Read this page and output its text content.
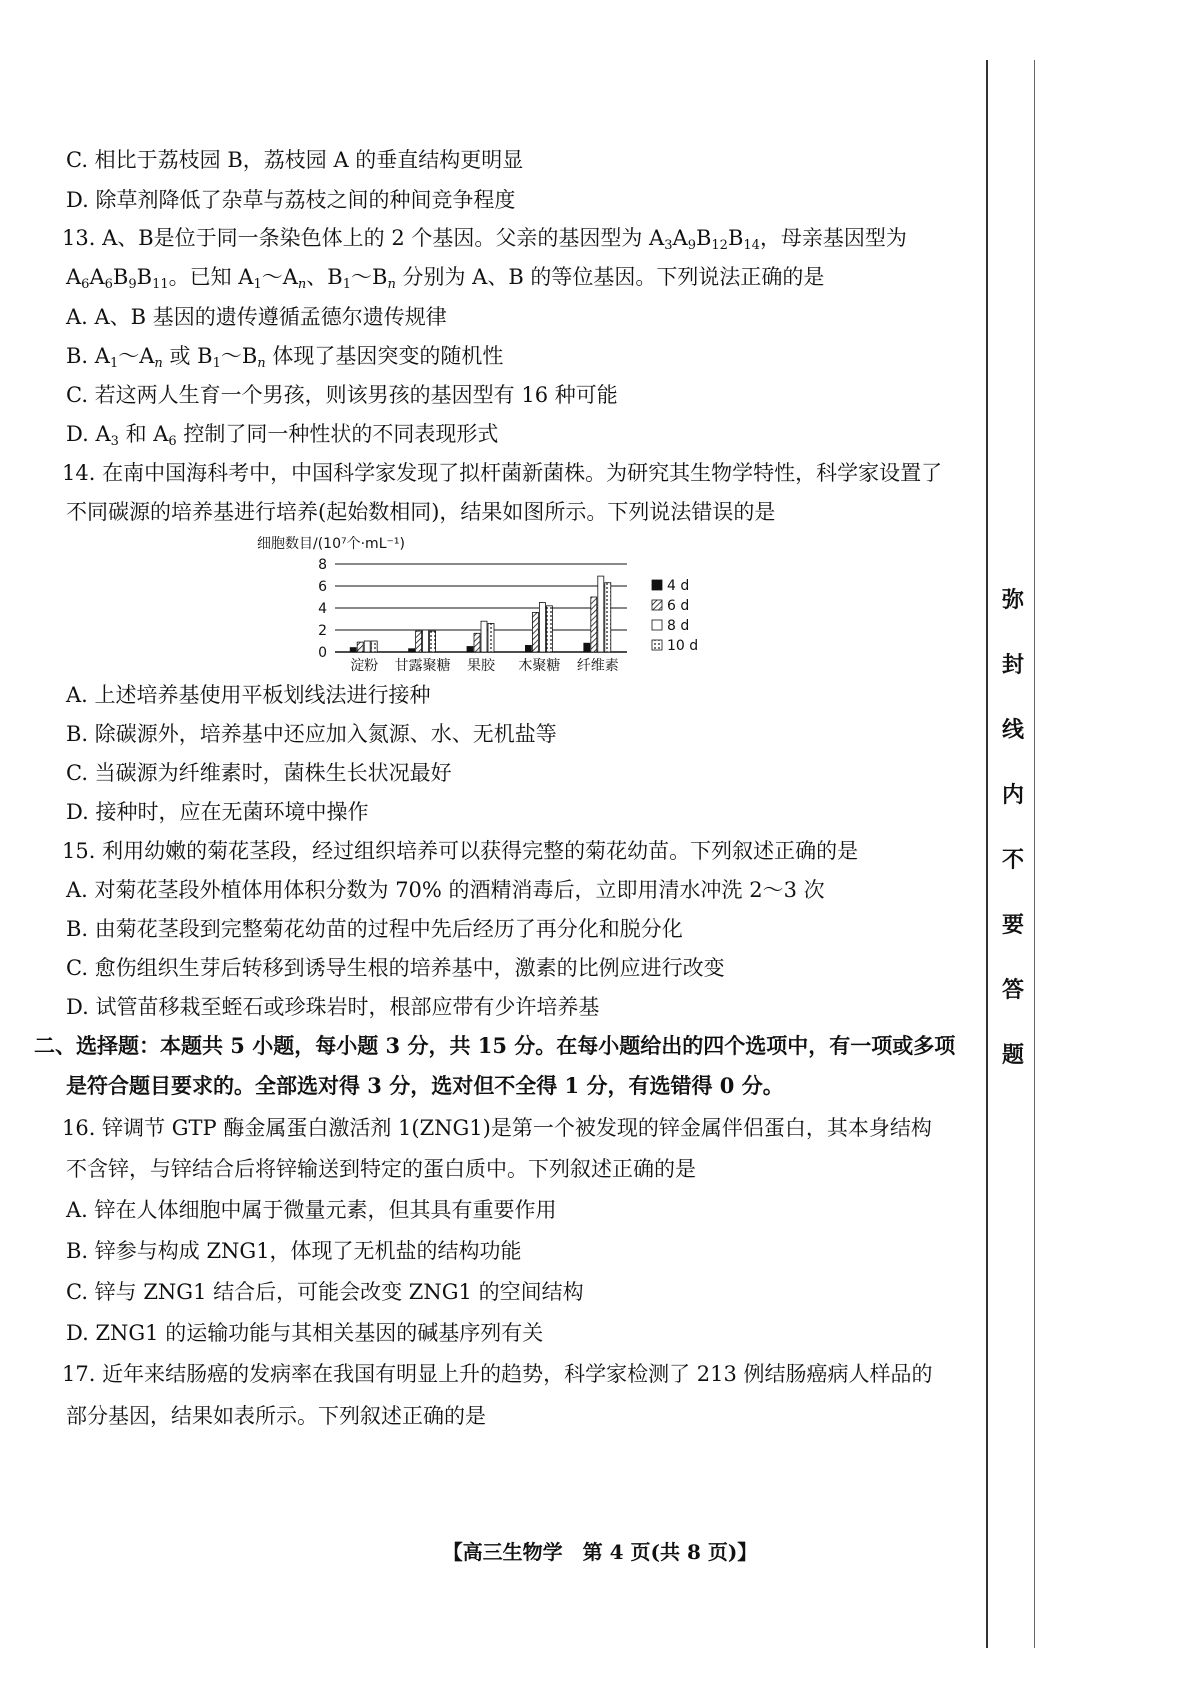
C. 相比于荔枝园 B，荔枝园 A 的垂直结构更明显
D. 除草剂降低了杂草与荔枝之间的种间竞争程度
13. A、B是位于同一条染色体上的 2 个基因。父亲的基因型为 $A_3A_9B_{12}B_{14}$，母亲基因型为
$A_6A_6B_9B_{11}$。已知 $A_1\sim A_n$、$B_1\sim B_n$ 分别为 A、B 的等位基因。下列说法正确的是
A. A、B 基因的遗传遵循孟德尔遗传规律
B. $A_1\sim A_n$ 或 $B_1\sim B_n$ 体现了基因突变的随机性
C. 若这两人生育一个男孩，则该男孩的基因型有 16 种可能
D. $A_3$ 和 $A_6$ 控制了同一种性状的不同表现形式
14. 在南中国海科考中，中国科学家发现了拟杆菌新菌株。为研究其生物学特性，科学家设置了
不同碳源的培养基进行培养(起始数相同)，结果如图所示。下列说法错误的是
细胞数目/(10⁷个·mL⁻¹)
0
2
4
6
8
淀粉 甘露聚糖 果胶 木聚糖 纤维素
4 d
6 d
8 d
10 d
A. 上述培养基使用平板划线法进行接种
B. 除碳源外，培养基中还应加入氮源、水、无机盐等
C. 当碳源为纤维素时，菌株生长状况最好
D. 接种时，应在无菌环境中操作
15. 利用幼嫩的菊花茎段，经过组织培养可以获得完整的菊花幼苗。下列叙述正确的是
A. 对菊花茎段外植体用体积分数为 70% 的酒精消毒后，立即用清水冲洗 2～3 次
B. 由菊花茎段到完整菊花幼苗的过程中先后经历了再分化和脱分化
C. 愈伤组织生芽后转移到诱导生根的培养基中，激素的比例应进行改变
D. 试管苗移栽至蛭石或珍珠岩时，根部应带有少许培养基
二、选择题：本题共 5 小题，每小题 3 分，共 15 分。在每小题给出的四个选项中，有一项或多项
是符合题目要求的。全部选对得 3 分，选对但不全得 1 分，有选错得 0 分。
16. 锌调节 GTP 酶金属蛋白激活剂 1(ZNG1)是第一个被发现的锌金属伴侣蛋白，其本身结构
不含锌，与锌结合后将锌输送到特定的蛋白质中。下列叙述正确的是
A. 锌在人体细胞中属于微量元素，但其具有重要作用
B. 锌参与构成 ZNG1，体现了无机盐的结构功能
C. 锌与 ZNG1 结合后，可能会改变 ZNG1 的空间结构
D. ZNG1 的运输功能与其相关基因的碱基序列有关
17. 近年来结肠癌的发病率在我国有明显上升的趋势，科学家检测了 213 例结肠癌病人样品的
部分基因，结果如表所示。下列叙述正确的是
【高三生物学　第 4 页(共 8 页)】
弥
封
线
内
不
要
答
题
